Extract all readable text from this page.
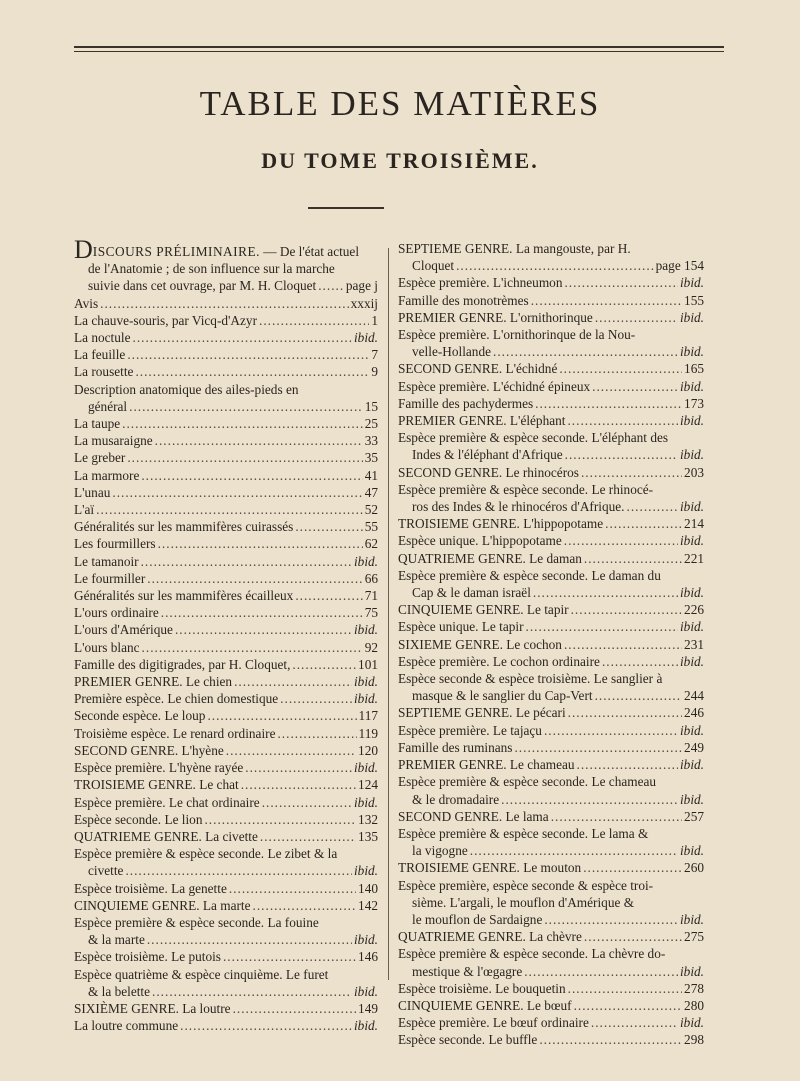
TABLE DES MATIÈRES
DU TOME TROISIÈME.
DISCOURS PRÉLIMINAIRE. — De l'état actuel
de l'Anatomie ; de son influence sur la marche
suivie dans cet ouvrage, par M. H. Cloquet ..... page j
Avis .....	xxxij
La chauve-souris, par Vicq-d'Azyr .....	1
La noctule .....	ibid.
La feuille .....	7
La rousette .....	9
Description anatomique des ailes-pieds en
général .....	15
La taupe .....	25
La musaraigne .....	33
Le greber .....	35
La marmore .....	41
L'unau .....	47
L'aï .....	52
Généralités sur les mammifères cuirassés .....	55
Les fourmillers .....	62
Le tamanoir .....	ibid.
Le fourmiller .....	66
Généralités sur les mammifères écailleux .....	71
L'ours ordinaire .....	75
L'ours d'Amérique .....	ibid.
L'ours blanc .....	92
Famille des digitigrades, par H. Cloquet, .....	101
PREMIER GENRE. Le chien .....	ibid.
Première espèce. Le chien domestique .....	ibid.
Seconde espèce. Le loup .....	117
Troisième espèce. Le renard ordinaire .....	119
SECOND GENRE. L'hyène .....	120
Espèce première. L'hyène rayée .....	ibid.
TROISIEME GENRE. Le chat .....	124
Espèce première. Le chat ordinaire .....	ibid.
Espèce seconde. Le lion .....	132
QUATRIEME GENRE. La civette .....	135
Espèce première & espèce seconde. Le zibet & la
civette .....	ibid.
Espèce troisième. La genette .....	140
CINQUIEME GENRE. La marte .....	142
Espèce première & espèce seconde. La fouine
& la marte .....	ibid.
Espèce troisième. Le putois .....	146
Espèce quatrième & espèce cinquième. Le furet
& la belette .....	ibid.
SIXIÈME GENRE. La loutre .....	149
La loutre commune .....	ibid.
SEPTIEME GENRE. La mangouste, par H.
Cloquet .....	page 154
Espèce première. L'ichneumon .....	ibid.
Famille des monotrèmes .....	155
PREMIER GENRE. L'ornithorinque .....	ibid.
Espèce première. L'ornithorinque de la Nou-
velle-Hollande .....	ibid.
SECOND GENRE. L'échidné .....	165
Espèce première. L'échidné épineux .....	ibid.
Famille des pachydermes .....	173
PREMIER GENRE. L'éléphant .....	ibid.
Espèce première & espèce seconde. L'éléphant des
Indes & l'éléphant d'Afrique .....	ibid.
SECOND GENRE. Le rhinocéros .....	203
Espèce première & espèce seconde. Le rhinocé-
ros des Indes & le rhinocéros d'Afrique. .....	ibid.
TROISIEME GENRE. L'hippopotame .....	214
Espèce unique. L'hippopotame .....	ibid.
QUATRIEME GENRE. Le daman .....	221
Espèce première & espèce seconde. Le daman du
Cap & le daman israël .....	ibid.
CINQUIEME GENRE. Le tapir .....	226
Espèce unique. Le tapir .....	ibid.
SIXIEME GENRE. Le cochon .....	231
Espèce première. Le cochon ordinaire .....	ibid.
Espèce seconde & espèce troisième. Le sanglier à
masque & le sanglier du Cap-Vert .....	244
SEPTIEME GENRE. Le pécari .....	246
Espèce première. Le tajaçu .....	ibid.
Famille des ruminans .....	249
PREMIER GENRE. Le chameau .....	ibid.
Espèce première & espèce seconde. Le chameau
& le dromadaire .....	ibid.
SECOND GENRE. Le lama .....	257
Espèce première & espèce seconde. Le lama &
la vigogne .....	ibid.
TROISIEME GENRE. Le mouton .....	260
Espèce première, espèce seconde & espèce troi-
sième. L'argali, le mouflon d'Amérique &
le mouflon de Sardaigne .....	ibid.
QUATRIEME GENRE. La chèvre .....	275
Espèce première & espèce seconde. La chèvre do-
mestique & l'œgagre .....	ibid.
Espèce troisième. Le bouquetin .....	278
CINQUIEME GENRE. Le bœuf .....	280
Espèce première. Le bœuf ordinaire .....	ibid.
Espèce seconde. Le buffle .....	298
